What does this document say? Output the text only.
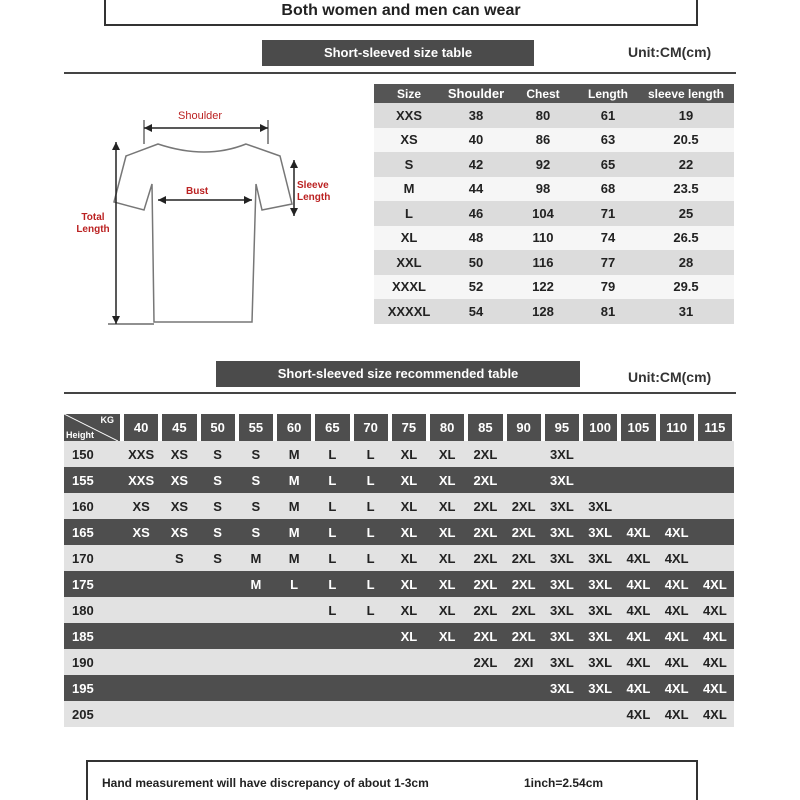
Both women and men can wear
Short-sleeved size table	Unit:CM(cm)
Shoulder
Bust
Sleeve Length
Total Length
Size	Shoulder	Chest	Length	sleeve length
XXS	38	80	61	19
XS	40	86	63	20.5
S	42	92	65	22
M	44	98	68	23.5
L	46	104	71	25
XL	48	110	74	26.5
XXL	50	116	77	28
XXXL	52	122	79	29.5
XXXXL	54	128	81	31
Short-sleeved size recommended table	Unit:CM(cm)
KG
Height	40	45	50	55	60	65	70	75	80	85	90	95	100	105	110	115
150	XXS	XS	S	S	M	L	L	XL	XL	2XL		3XL				
155	XXS	XS	S	S	M	L	L	XL	XL	2XL		3XL				
160	XS	XS	S	S	M	L	L	XL	XL	2XL	2XL	3XL	3XL			
165	XS	XS	S	S	M	L	L	XL	XL	2XL	2XL	3XL	3XL	4XL	4XL	
170		S	S	M	M	L	L	XL	XL	2XL	2XL	3XL	3XL	4XL	4XL	
175				M	L	L	L	XL	XL	2XL	2XL	3XL	3XL	4XL	4XL	4XL
180						L	L	XL	XL	2XL	2XL	3XL	3XL	4XL	4XL	4XL
185								XL	XL	2XL	2XL	3XL	3XL	4XL	4XL	4XL
190										2XL	2XI	3XL	3XL	4XL	4XL	4XL
195												3XL	3XL	4XL	4XL	4XL
205														4XL	4XL	4XL
Hand measurement will have discrepancy of about 1-3cm	1inch=2.54cm
